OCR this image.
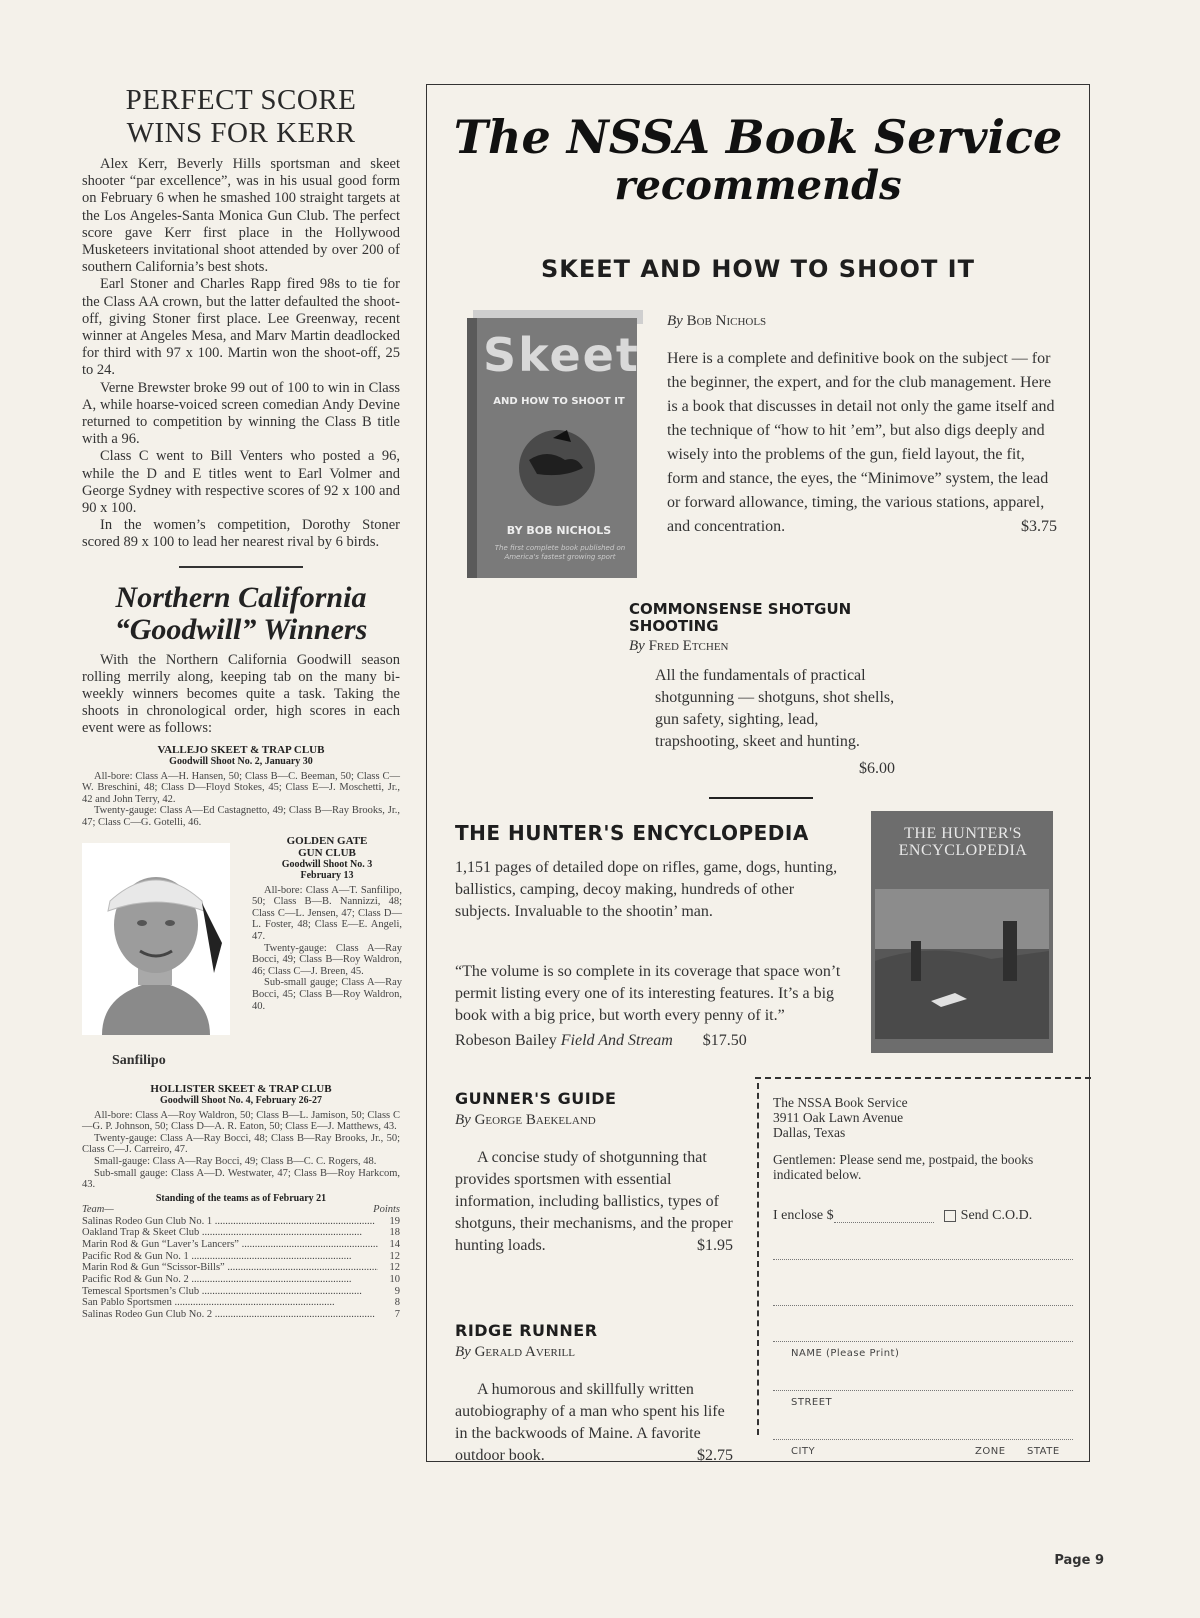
PERFECT SCORE
WINS FOR KERR

Alex Kerr, Beverly Hills sportsman and skeet shooter “par excellence”, was in his usual good form on February 6 when he smashed 100 straight targets at the Los Angeles-Santa Monica Gun Club. The perfect score gave Kerr first place in the Hollywood Musketeers invitational shoot attended by over 200 of southern California’s best shots.

Earl Stoner and Charles Rapp fired 98s to tie for the Class AA crown, but the latter defaulted the shoot-off, giving Stoner first place. Lee Greenway, recent winner at Angeles Mesa, and Marv Martin deadlocked for third with 97 x 100. Martin won the shoot-off, 25 to 24.

Verne Brewster broke 99 out of 100 to win in Class A, while hoarse-voiced screen comedian Andy Devine returned to competition by winning the Class B title with a 96.

Class C went to Bill Venters who posted a 96, while the D and E titles went to Earl Volmer and George Sydney with respective scores of 92 x 100 and 90 x 100.

In the women’s competition, Dorothy Stoner scored 89 x 100 to lead her nearest rival by 6 birds.

Northern California
“Goodwill” Winners

With the Northern California Goodwill season rolling merrily along, keeping tab on the many bi-weekly winners becomes quite a task. Taking the shoots in chronological order, high scores in each event were as follows:

VALLEJO SKEET & TRAP CLUB
Goodwill Shoot No. 2, January 30
All-bore: Class A—H. Hansen, 50; Class B—C. Beeman, 50; Class C—W. Breschini, 48; Class D—Floyd Stokes, 45; Class E—J. Moschetti, Jr., 42 and John Terry, 42.
Twenty-gauge: Class A—Ed Castagnetto, 49; Class B—Ray Brooks, Jr., 47; Class C—G. Gotelli, 46.
Sanfilipo
GOLDEN GATE
GUN CLUB
Goodwill Shoot No. 3
February 13
All-bore: Class A—T. Sanfilipo, 50; Class B—B. Nannizzi, 48; Class C—L. Jensen, 47; Class D—L. Foster, 48; Class E—E. Angeli, 47.
Twenty-gauge: Class A—Ray Bocci, 49; Class B—Roy Waldron, 46; Class C—J. Breen, 45.
Sub-small gauge; Class A—Ray Bocci, 45; Class B—Roy Waldron, 40.
HOLLISTER SKEET & TRAP CLUB
Goodwill Shoot No. 4, February 26-27
All-bore: Class A—Roy Waldron, 50; Class B—L. Jamison, 50; Class C—G. P. Johnson, 50; Class D—A. R. Eaton, 50; Class E—J. Matthews, 43.
Twenty-gauge: Class A—Ray Bocci, 48; Class B—Ray Brooks, Jr., 50; Class C—J. Carreiro, 47.
Small-gauge: Class A—Ray Bocci, 49; Class B—C. C. Rogers, 48.
Sub-small gauge: Class A—D. Westwater, 47; Class B—Roy Harkcom, 43.
Standing of the teams as of February 21
Team—	Points
Salinas Rodeo Gun Club No. 1 .....	19
Oakland Trap & Skeet Club .....	18
Marin Rod & Gun “Laver’s Lancers” .....	14
Pacific Rod & Gun No. 1 .....	12
Marin Rod & Gun “Scissor-Bills” .....	12
Pacific Rod & Gun No. 2 .....	10
Temescal Sportsmen’s Club .....	9
San Pablo Sportsmen .....	8
Salinas Rodeo Gun Club No. 2 .....	7
The NSSA Book Service
recommends
SKEET AND HOW TO SHOOT IT
Skeet
AND HOW TO SHOOT IT
BY BOB NICHOLS
The first complete book published on America's fastest growing sport
By Bob Nichols
Here is a complete and definitive book on the subject — for the beginner, the expert, and for the club management. Here is a book that discusses in detail not only the game itself and the technique of “how to hit ’em”, but also digs deeply and wisely into the problems of the gun, field layout, the fit, form and stance, the eyes, the “Minimove” system, the lead or forward allowance, timing, the various stations, apparel, and concentration.	$3.75
COMMONSENSE SHOTGUN
SHOOTING
By Fred Etchen
All the fundamentals of practical shotgunning — shotguns, shot shells, gun safety, sighting, lead, trapshooting, skeet and hunting.
$6.00
THE HUNTER'S ENCYCLOPEDIA
1,151 pages of detailed dope on rifles, game, dogs, hunting, ballistics, camping, decoy making, hundreds of other subjects. Invaluable to the shootin’ man.
“The volume is so complete in its coverage that space won’t permit listing every one of its interesting features. It’s a big book with a big price, but worth every penny of it.”
Robeson Bailey Field And Stream $17.50
THE HUNTER'S
ENCYCLOPEDIA
GUNNER'S GUIDE
By George Baekeland
A concise study of shotgunning that provides sportsmen with essential information, including ballistics, types of shotguns, their mechanisms, and the proper hunting loads.	$1.95
RIDGE RUNNER
By Gerald Averill
A humorous and skillfully written autobiography of a man who spent his life in the backwoods of Maine. A favorite outdoor book.	$2.75
The NSSA Book Service
3911 Oak Lawn Avenue
Dallas, Texas
Gentlemen: Please send me, postpaid, the books indicated below.
I enclose $	Send C.O.D.
NAME (Please Print)
STREET
CITY	ZONE	STATE
Page 9
